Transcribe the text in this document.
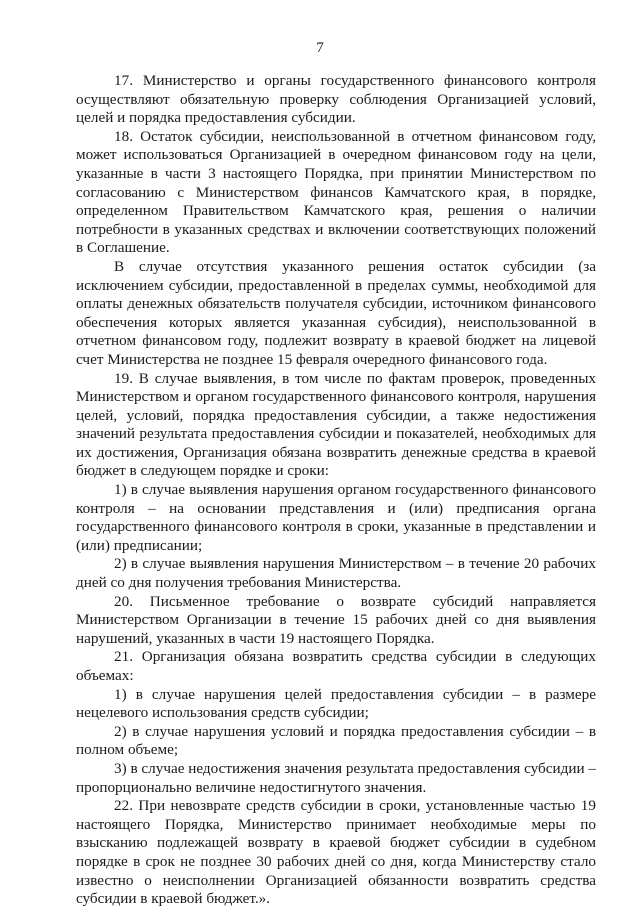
7

17. Министерство и органы государственного финансового контроля осуществляют обязательную проверку соблюдения Организацией условий, целей и порядка предоставления субсидии.

18. Остаток субсидии, неиспользованной в отчетном финансовом году, может использоваться Организацией в очередном финансовом году на цели, указанные в части 3 настоящего Порядка, при принятии Министерством по согласованию с Министерством финансов Камчатского края, в порядке, определенном Правительством Камчатского края, решения о наличии потребности в указанных средствах и включении соответствующих положений в Соглашение.

В случае отсутствия указанного решения остаток субсидии (за исключением субсидии, предоставленной в пределах суммы, необходимой для оплаты денежных обязательств получателя субсидии, источником финансового обеспечения которых является указанная субсидия), неиспользованной в отчетном финансовом году, подлежит возврату в краевой бюджет на лицевой счет Министерства не позднее 15 февраля очередного финансового года.

19. В случае выявления, в том числе по фактам проверок, проведенных Министерством и органом государственного финансового контроля, нарушения целей, условий, порядка предоставления субсидии, а также недостижения значений результата предоставления субсидии и показателей, необходимых для их достижения, Организация обязана возвратить денежные средства в краевой бюджет в следующем порядке и сроки:

1) в случае выявления нарушения органом государственного финансового контроля – на основании представления и (или) предписания органа государственного финансового контроля в сроки, указанные в представлении и (или) предписании;

2) в случае выявления нарушения Министерством – в течение 20 рабочих дней со дня получения требования Министерства.

20. Письменное требование о возврате субсидий направляется Министерством Организации в течение 15 рабочих дней со дня выявления нарушений, указанных в части 19 настоящего Порядка.

21. Организация обязана возвратить средства субсидии в следующих объемах:

1) в случае нарушения целей предоставления субсидии – в размере нецелевого использования средств субсидии;

2) в случае нарушения условий и порядка предоставления субсидии – в полном объеме;

3) в случае недостижения значения результата предоставления субсидии – пропорционально величине недостигнутого значения.

22. При невозврате средств субсидии в сроки, установленные частью 19 настоящего Порядка, Министерство принимает необходимые меры по взысканию подлежащей возврату в краевой бюджет субсидии в судебном порядке в срок не позднее 30 рабочих дней со дня, когда Министерству стало известно о неисполнении Организацией обязанности возвратить средства субсидии в краевой бюджет.».
